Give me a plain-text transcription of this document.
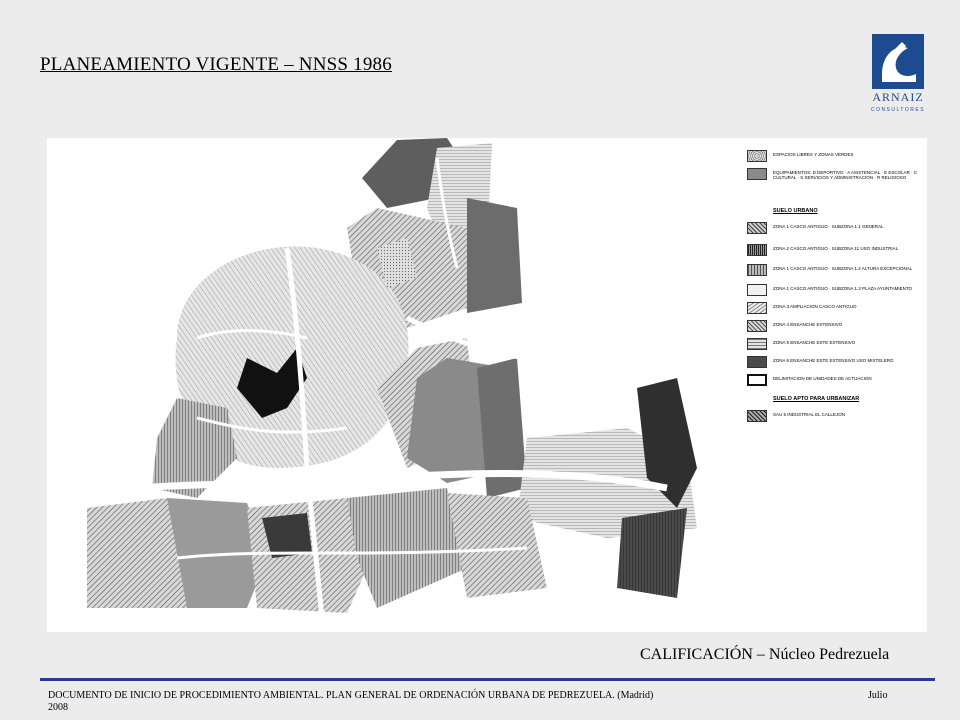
PLANEAMIENTO VIGENTE – NNSS 1986
ARNAIZ
CONSULTORES
ESPACIOS LIBRES Y ZONAS VERDES
EQUIPAMIENTOS: D DEPORTIVO · A ASISTENCIAL · E ESCOLAR · C CULTURAL · S SERVICIOS Y ADMINISTRACION · R RELIGIOSO
SUELO URBANO
ZONA 1 CASCO ANTIGUO · SUBZONA 1.1 GENERAL
ZONA 2 CASCO ANTIGUO · SUBZONA 11 USO INDUSTRIAL
ZONA 1 CASCO ANTIGUO · SUBZONA 1.2 ALTURA EXCEPCIONAL
ZONA 1 CASCO ANTIGUO · SUBZONA 1.3 PLAZA AYUNTAMIENTO
ZONA 3 AMPLIACION CASCO ANTIGUO
ZONA 4 ENSANCHE EXTENSIVO
ZONA 5 ENSANCHE ESTE EXTENSIVO
ZONA 6 ENSANCHE ESTE EXTENSIVO USO MIXTELERO
DELIMITACION DE UNIDADES DE ACTUACION
SUELO APTO PARA URBANIZAR
SAU 5 INDUSTRIAL EL CALLEJON
CALIFICACIÓN – Núcleo Pedrezuela
DOCUMENTO DE INICIO DE PROCEDIMIENTO AMBIENTAL. PLAN GENERAL DE ORDENACIÓN URBANA DE PEDREZUELA. (Madrid)
2008
Julio
